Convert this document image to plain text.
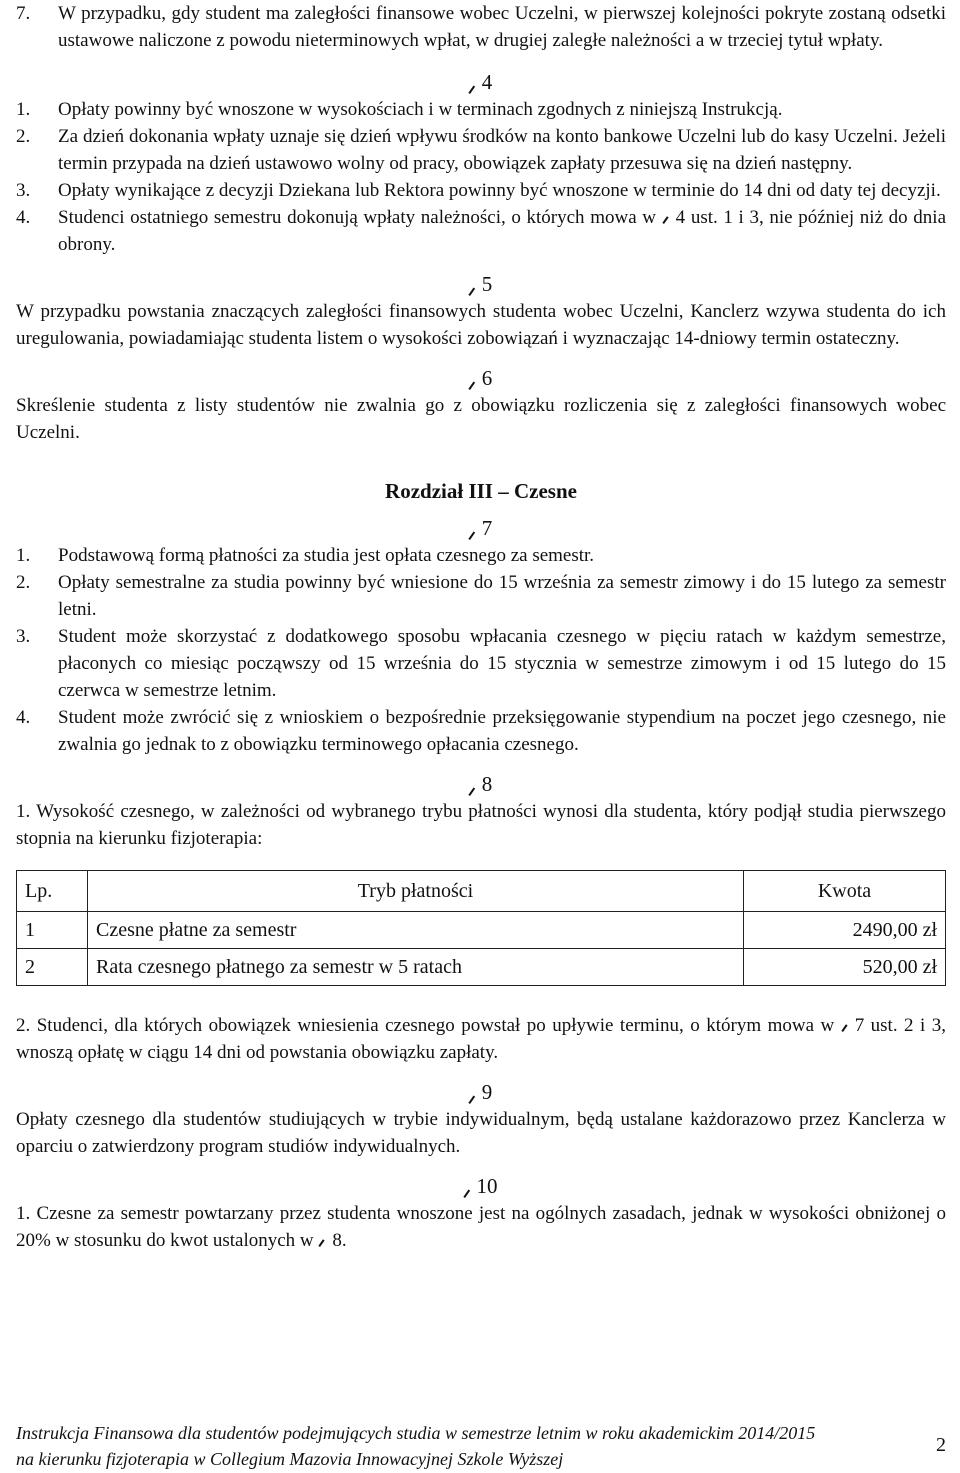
7.	W przypadku, gdy student ma zaległości finansowe wobec Uczelni, w pierwszej kolejności pokryte zostaną odsetki ustawowe naliczone z powodu nieterminowych wpłat, w drugiej zaległe należności a w trzeciej tytuł wpłaty.
4
1.	Opłaty powinny być wnoszone w wysokościach i w terminach zgodnych z niniejszą Instrukcją.
2.	Za dzień dokonania wpłaty uznaje się dzień wpływu środków na konto bankowe Uczelni lub do kasy Uczelni. Jeżeli termin przypada na dzień ustawowo wolny od pracy, obowiązek zapłaty przesuwa się na dzień następny.
3.	Opłaty wynikające z decyzji Dziekana lub Rektora powinny być wnoszone w terminie do 14 dni od daty tej decyzji.
4.	Studenci ostatniego semestru dokonują wpłaty należności, o których mowa w 4 ust. 1 i 3, nie później niż do dnia obrony.
5
W przypadku powstania znaczących zaległości finansowych studenta wobec Uczelni, Kanclerz wzywa studenta do ich uregulowania, powiadamiając studenta listem o wysokości zobowiązań i wyznaczając 14-dniowy termin ostateczny.
6
Skreślenie studenta z listy studentów nie zwalnia go z obowiązku rozliczenia się z zaległości finansowych wobec Uczelni.
Rozdział III – Czesne
7
1.	Podstawową formą płatności za studia jest opłata czesnego za semestr.
2.	Opłaty semestralne za studia powinny być wniesione do 15 września za semestr zimowy i do 15 lutego za semestr letni.
3.	Student może skorzystać z dodatkowego sposobu wpłacania czesnego w pięciu ratach w każdym semestrze, płaconych co miesiąc począwszy od 15 września do 15 stycznia w semestrze zimowym i od 15 lutego do 15 czerwca w semestrze letnim.
4.	Student może zwrócić się z wnioskiem o bezpośrednie przeksięgowanie stypendium na poczet jego czesnego, nie zwalnia go jednak to z obowiązku terminowego opłacania czesnego.
8
1. Wysokość czesnego, w zależności od wybranego trybu płatności wynosi dla studenta, który podjął studia pierwszego stopnia na kierunku fizjoterapia:
Lp.	Tryb płatności	Kwota
1	Czesne płatne za semestr	2490,00 zł
2	Rata czesnego płatnego za semestr w 5 ratach	520,00 zł
2. Studenci, dla których obowiązek wniesienia czesnego powstał po upływie terminu, o którym mowa w 7 ust. 2 i 3, wnoszą opłatę w ciągu 14 dni od powstania obowiązku zapłaty.
9
Opłaty czesnego dla studentów studiujących w trybie indywidualnym, będą ustalane każdorazowo przez Kanclerza w oparciu o zatwierdzony program studiów indywidualnych.
10
1. Czesne za semestr powtarzany przez studenta wnoszone jest na ogólnych zasadach, jednak w wysokości obniżonej o 20% w stosunku do kwot ustalonych w 8.
Instrukcja Finansowa dla studentów podejmujących studia w semestrze letnim w roku akademickim 2014/2015
na kierunku fizjoterapia w Collegium Mazovia Innowacyjnej Szkole Wyższej
2
